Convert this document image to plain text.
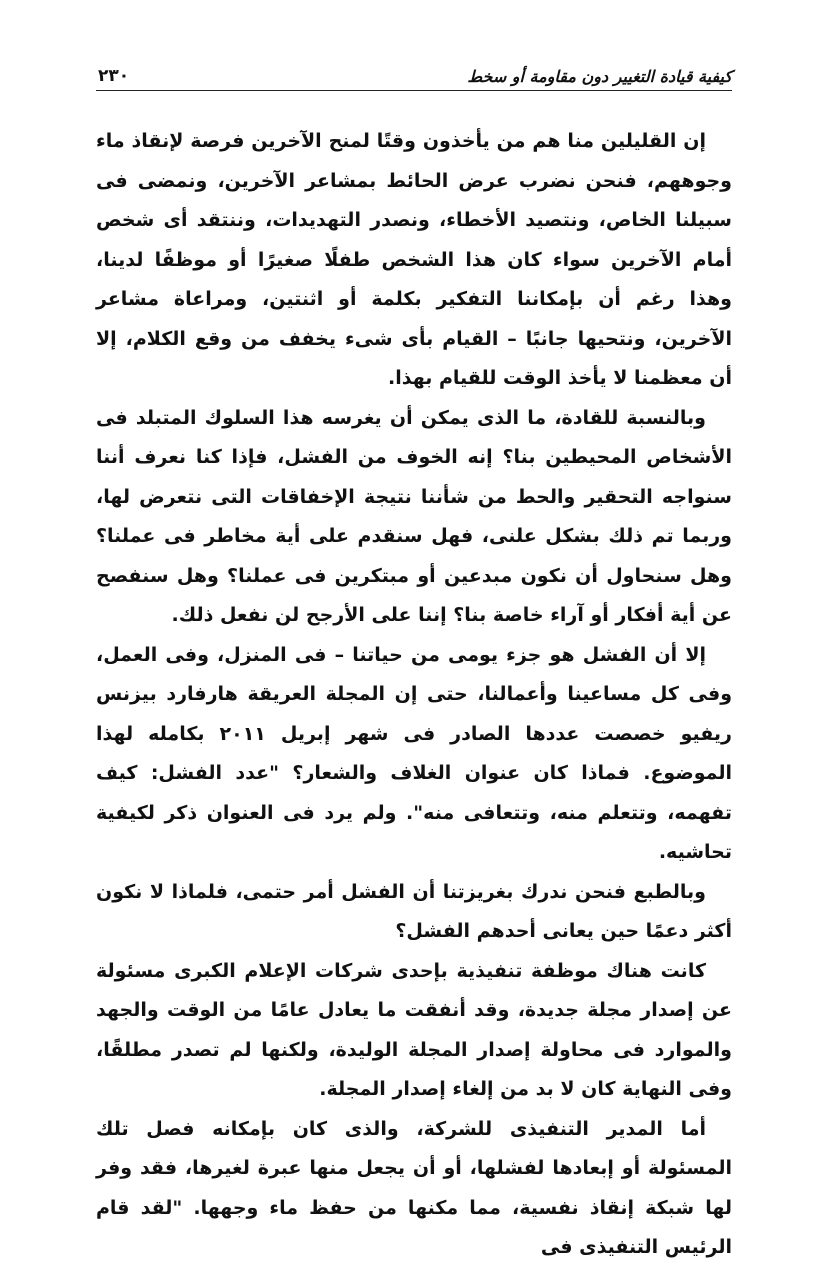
كيفية قيادة التغيير دون مقاومة أو سخط
٢٣٠

إن القليلين منا هم من يأخذون وقتًا لمنح الآخرين فرصة لإنقاذ ماء وجوههم، فنحن نضرب عرض الحائط بمشاعر الآخرين، ونمضى فى سبيلنا الخاص، ونتصيد الأخطاء، ونصدر التهديدات، وننتقد أى شخص أمام الآخرين سواء كان هذا الشخص طفلًا صغيرًا أو موظفًا لدينا، وهذا رغم أن بإمكاننا التفكير بكلمة أو اثنتين، ومراعاة مشاعر الآخرين، ونتحيها جانبًا – القيام بأى شىء يخفف من وقع الكلام، إلا أن معظمنا لا يأخذ الوقت للقيام بهذا.

وبالنسبة للقادة، ما الذى يمكن أن يغرسه هذا السلوك المتبلد فى الأشخاص المحيطين بنا؟ إنه الخوف من الفشل، فإذا كنا نعرف أننا سنواجه التحقير والحط من شأننا نتيجة الإخفاقات التى نتعرض لها، وربما تم ذلك بشكل علنى، فهل سنقدم على أية مخاطر فى عملنا؟ وهل سنحاول أن نكون مبدعين أو مبتكرين فى عملنا؟ وهل سنفصح عن أية أفكار أو آراء خاصة بنا؟ إننا على الأرجح لن نفعل ذلك.

إلا أن الفشل هو جزء يومى من حياتنا – فى المنزل، وفى العمل، وفى كل مساعينا وأعمالنا، حتى إن المجلة العريقة هارفارد بيزنس ريفيو خصصت عددها الصادر فى شهر إبريل ٢٠١١ بكامله لهذا الموضوع. فماذا كان عنوان الغلاف والشعار؟ "عدد الفشل: كيف تفهمه، وتتعلم منه، وتتعافى منه". ولم يرد فى العنوان ذكر لكيفية تحاشيه.

وبالطبع فنحن ندرك بغريزتنا أن الفشل أمر حتمى، فلماذا لا نكون أكثر دعمًا حين يعانى أحدهم الفشل؟

كانت هناك موظفة تنفيذية بإحدى شركات الإعلام الكبرى مسئولة عن إصدار مجلة جديدة، وقد أنفقت ما يعادل عامًا من الوقت والجهد والموارد فى محاولة إصدار المجلة الوليدة، ولكنها لم تصدر مطلقًا، وفى النهاية كان لا بد من إلغاء إصدار المجلة.

أما المدير التنفيذى للشركة، والذى كان بإمكانه فصل تلك المسئولة أو إبعادها لفشلها، أو أن يجعل منها عبرة لغيرها، فقد وفر لها شبكة إنقاذ نفسية، مما مكنها من حفظ ماء وجهها. "لقد قام الرئيس التنفيذى فى
